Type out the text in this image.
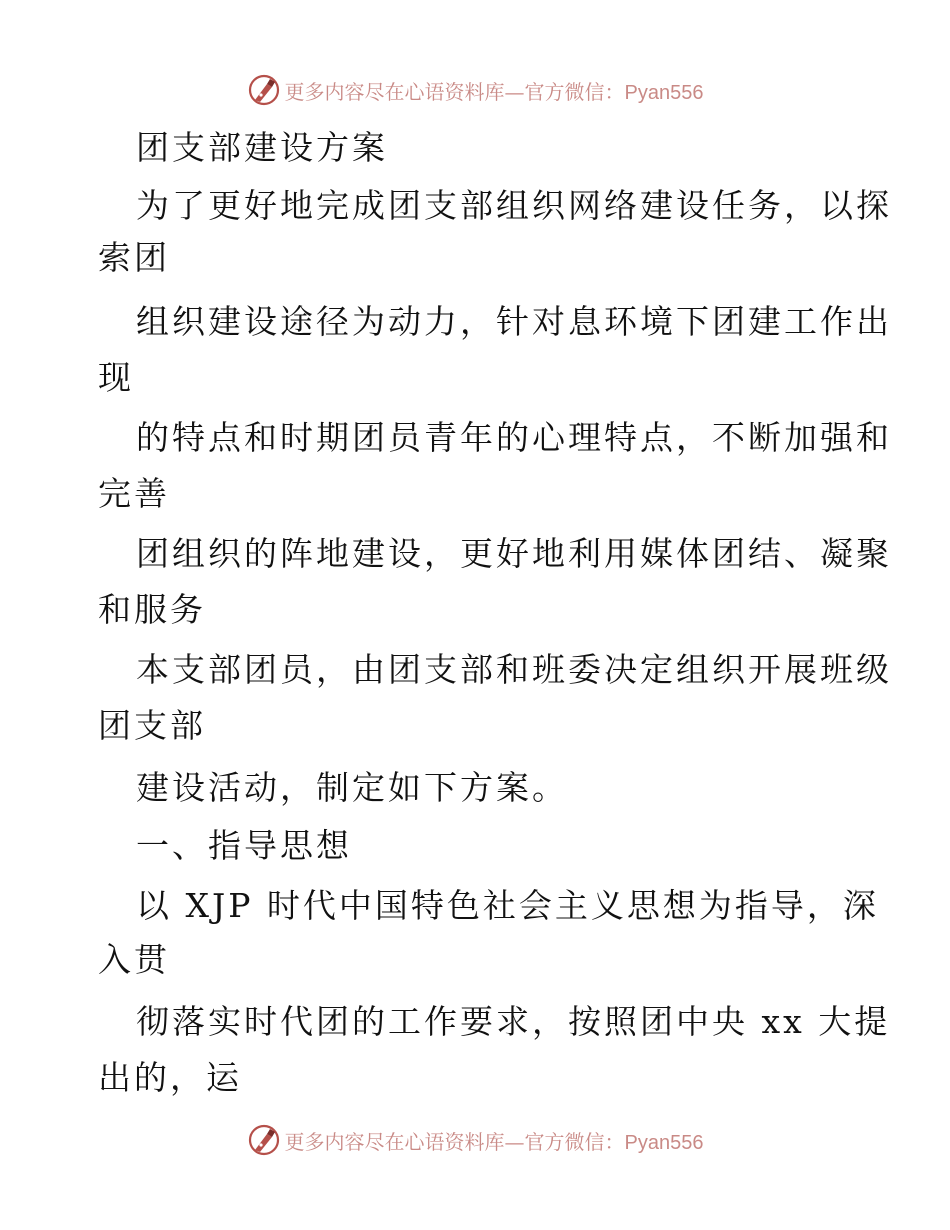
更多内容尽在心语资料库—官方微信：Pyan556
团支部建设方案
为了更好地完成团支部组织网络建设任务，以探
索团
组织建设途径为动力，针对息环境下团建工作出
现
的特点和时期团员青年的心理特点，不断加强和
完善
团组织的阵地建设，更好地利用媒体团结、凝聚
和服务
本支部团员，由团支部和班委决定组织开展班级
团支部
建设活动，制定如下方案。
一、指导思想
以 XJP 时代中国特色社会主义思想为指导，深
入贯
彻落实时代团的工作要求，按照团中央 xx 大提
出的，运
更多内容尽在心语资料库—官方微信：Pyan556
